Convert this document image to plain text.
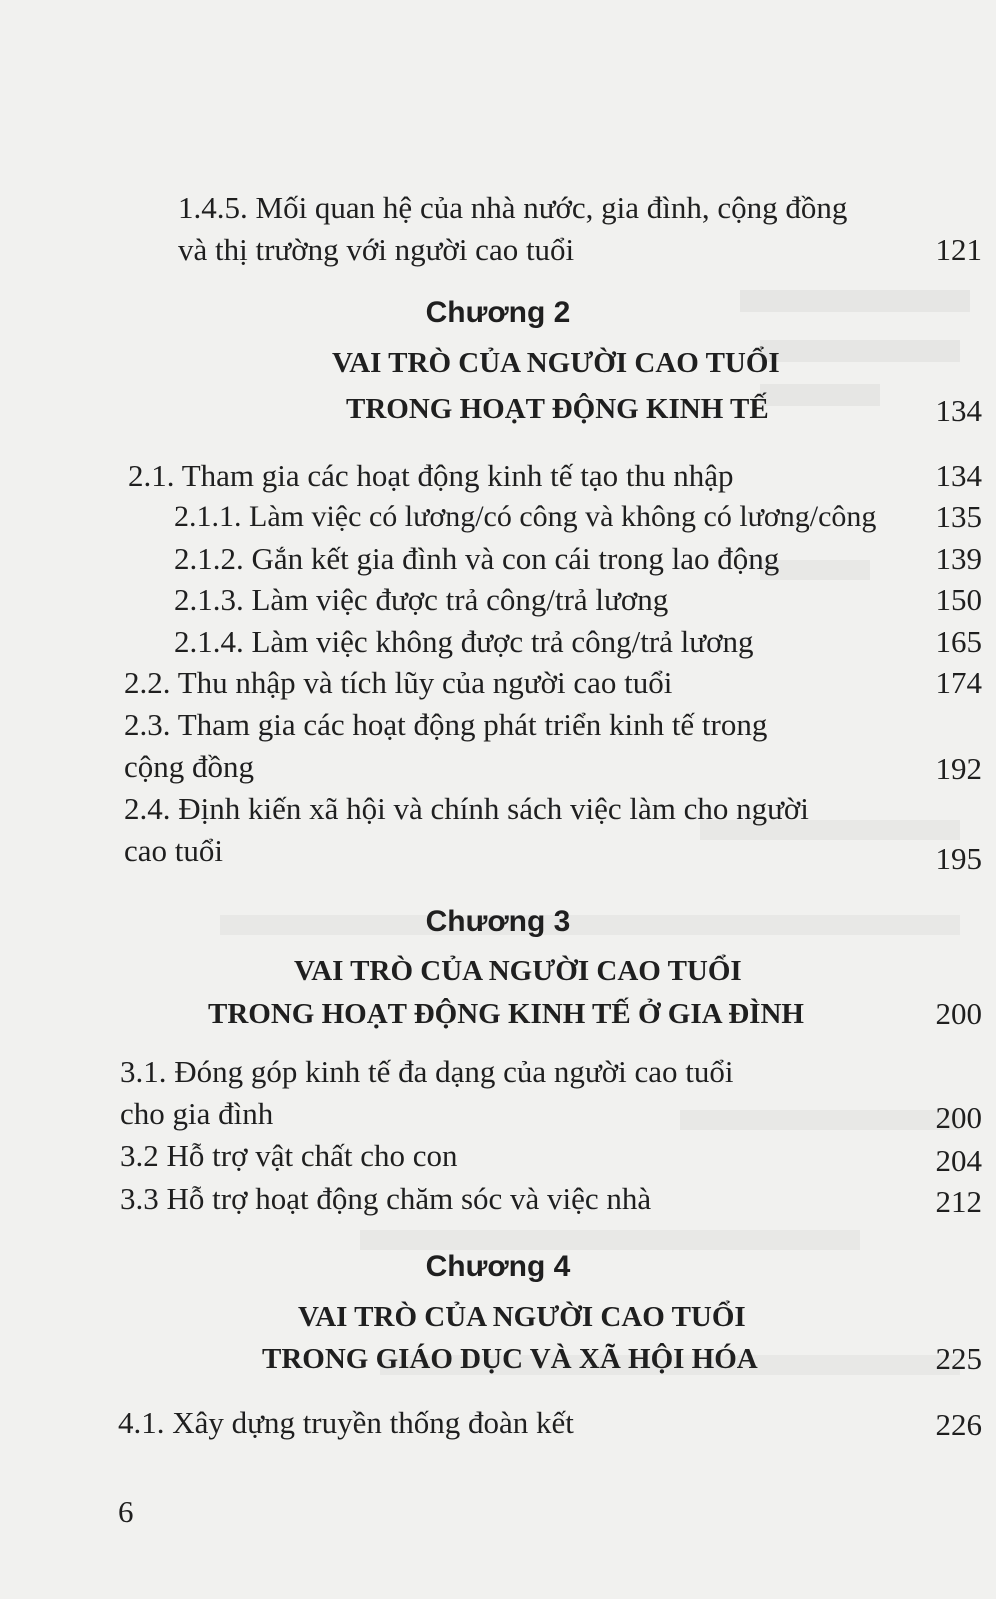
1.4.5. Mối quan hệ của nhà nước, gia đình, cộng đồng
và thị trường với người cao tuổi	121
Chương 2
VAI TRÒ CỦA NGƯỜI CAO TUỔI
TRONG HOẠT ĐỘNG KINH TẾ	134
2.1. Tham gia các hoạt động kinh tế tạo thu nhập	134
2.1.1. Làm việc có lương/có công và không có lương/công 135
2.1.2. Gắn kết gia đình và con cái trong lao động	139
2.1.3. Làm việc được trả công/trả lương	150
2.1.4. Làm việc không được trả công/trả lương	165
2.2. Thu nhập và tích lũy của người cao tuổi	174
2.3. Tham gia các hoạt động phát triển kinh tế trong
cộng đồng	192
2.4. Định kiến xã hội và chính sách việc làm cho người
cao tuổi	195
Chương 3
VAI TRÒ CỦA NGƯỜI CAO TUỔI
TRONG HOẠT ĐỘNG KINH TẾ Ở GIA ĐÌNH	200
3.1. Đóng góp kinh tế đa dạng của người cao tuổi
cho gia đình	200
3.2 Hỗ trợ vật chất cho con	204
3.3 Hỗ trợ hoạt động chăm sóc và việc nhà	212
Chương 4
VAI TRÒ CỦA NGƯỜI CAO TUỔI
TRONG GIÁO DỤC VÀ XÃ HỘI HÓA	225
4.1. Xây dựng truyền thống đoàn kết	226
6
